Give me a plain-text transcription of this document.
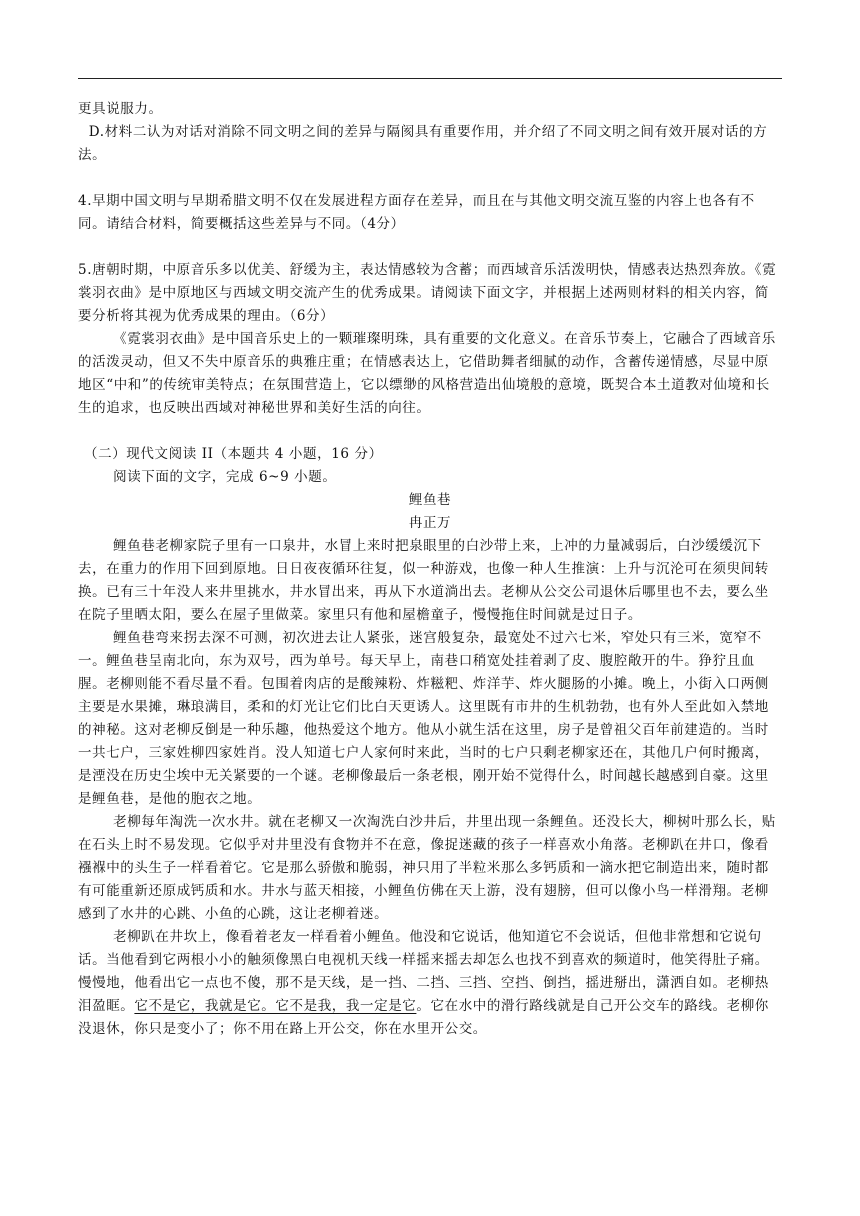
更具说服力。

D.材料二认为对话对消除不同文明之间的差异与隔阂具有重要作用，并介绍了不同文明之间有效开展对话的方法。

4.早期中国文明与早期希腊文明不仅在发展进程方面存在差异，而且在与其他文明交流互鉴的内容上也各有不同。请结合材料，简要概括这些差异与不同。（4分）

5.唐朝时期，中原音乐多以优美、舒缓为主，表达情感较为含蓄；而西域音乐活泼明快，情感表达热烈奔放。《霓裳羽衣曲》是中原地区与西域文明交流产生的优秀成果。请阅读下面文字，并根据上述两则材料的相关内容，简要分析将其视为优秀成果的理由。（6分）

《霓裳羽衣曲》是中国音乐史上的一颗璀璨明珠，具有重要的文化意义。在音乐节奏上，它融合了西域音乐的活泼灵动，但又不失中原音乐的典雅庄重；在情感表达上，它借助舞者细腻的动作，含蓄传递情感，尽显中原地区“中和”的传统审美特点；在氛围营造上，它以缥缈的风格营造出仙境般的意境，既契合本土道教对仙境和长生的追求，也反映出西域对神秘世界和美好生活的向往。

（二）现代文阅读 II（本题共 4 小题，16 分）

阅读下面的文字，完成 6~9 小题。

鲤鱼巷

冉正万

鲤鱼巷老柳家院子里有一口泉井，水冒上来时把泉眼里的白沙带上来，上冲的力量减弱后，白沙缓缓沉下去，在重力的作用下回到原地。日日夜夜循环往复，似一种游戏，也像一种人生推演：上升与沉沦可在须臾间转换。已有三十年没人来井里挑水，井水冒出来，再从下水道淌出去。老柳从公交公司退休后哪里也不去，要么坐在院子里晒太阳，要么在屋子里做菜。家里只有他和屋檐童子，慢慢拖住时间就是过日子。

鲤鱼巷弯来拐去深不可测，初次进去让人紧张，迷宫般复杂，最宽处不过六七米，窄处只有三米，宽窄不一。鲤鱼巷呈南北向，东为双号，西为单号。每天早上，南巷口稍宽处挂着剥了皮、腹腔敞开的牛。狰狞且血腥。老柳则能不看尽量不看。包围着肉店的是酸辣粉、炸糍粑、炸洋芋、炸火腿肠的小摊。晚上，小街入口两侧主要是水果摊，琳琅满目，柔和的灯光让它们比白天更诱人。这里既有市井的生机勃勃，也有外人至此如入禁地的神秘。这对老柳反倒是一种乐趣，他热爱这个地方。他从小就生活在这里，房子是曾祖父百年前建造的。当时一共七户，三家姓柳四家姓肖。没人知道七户人家何时来此，当时的七户只剩老柳家还在，其他几户何时搬离，是湮没在历史尘埃中无关紧要的一个谜。老柳像最后一条老根，刚开始不觉得什么，时间越长越感到自豪。这里是鲤鱼巷，是他的胞衣之地。

老柳每年淘洗一次水井。就在老柳又一次淘洗白沙井后，井里出现一条鲤鱼。还没长大，柳树叶那么长，贴在石头上时不易发现。它似乎对井里没有食物并不在意，像捉迷藏的孩子一样喜欢小角落。老柳趴在井口，像看襁褓中的头生子一样看着它。它是那么骄傲和脆弱，神只用了半粒米那么多钙质和一滴水把它制造出来，随时都有可能重新还原成钙质和水。井水与蓝天相接，小鲤鱼仿佛在天上游，没有翅膀，但可以像小鸟一样滑翔。老柳感到了水井的心跳、小鱼的心跳，这让老柳着迷。

老柳趴在井坎上，像看着老友一样看着小鲤鱼。他没和它说话，他知道它不会说话，但他非常想和它说句话。当他看到它两根小小的触须像黑白电视机天线一样摇来摇去却怎么也找不到喜欢的频道时，他笑得肚子痛。慢慢地，他看出它一点也不傻，那不是天线，是一挡、二挡、三挡、空挡、倒挡，摇进掰出，潇洒自如。老柳热泪盈眶。它不是它，我就是它。它不是我，我一定是它。它在水中的滑行路线就是自己开公交车的路线。老柳你没退休，你只是变小了；你不用在路上开公交，你在水里开公交。
